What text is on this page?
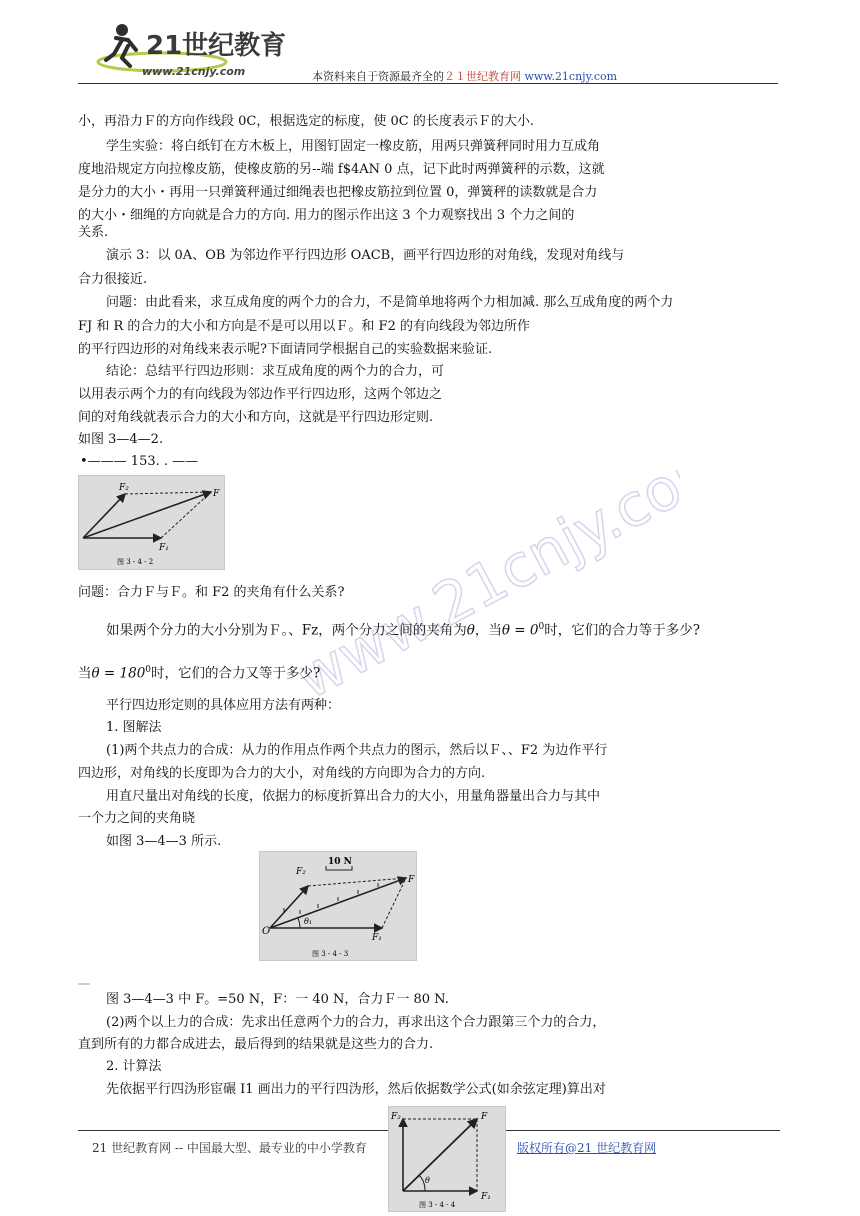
21世纪教育
www.21cnjy.com	本资料来自于资源最齐全的２１世纪教育网 www.21cnjy.com
www.21cnjy.com
小，再沿力Ｆ的方向作线段 0C，根据选定的标度，使 0C 的长度表示Ｆ的大小.
学生实验：将白纸钉在方木板上，用图钉固定一橡皮筋，用两只弹簧秤同时用力互成角
度地沿规定方向拉橡皮筋，使橡皮筋的另--端 f$4AN 0 点，记下此时两弹簧秤的示数，这就
是分力的大小・再用一只弹簧秤通过细绳表也把橡皮筋拉到位置 0，弹簧秤的读数就是合力
的大小・细绳的方向就是合力的方向. 用力的图示作出这 3 个力观察找出 3 个力之间的
关系.
演示 3：以 0A、OB 为邻边作平行四边形 OACB，画平行四边形的对角线，发现对角线与
合力很接近.
问题：由此看来，求互成角度的两个力的合力，不是简单地将两个力相加减. 那么互成角度的两个力
FJ 和 R 的合力的大小和方向是不是可以用以Ｆ。和 F2 的有向线段为邻边所作
的平行四边形的对角线来表示呢?下面请同学根据自己的实验数据来验证.
结论：总结平行四边形则：求互成角度的两个力的合力，可
以用表示两个力的有向线段为邻边作平行四边形，这两个邻边之
间的对角线就表示合力的大小和方向，这就是平行四边形定则.
如图 3—4—2.
•——— 153. . ——
F₂
F
F₁
图 3 - 4 - 2
问题：合力Ｆ与Ｆ。和 F2 的夹角有什么关系?
如果两个分力的大小分别为Ｆ。、Fz，两个分力之间的夹角为θ，当$\theta = 0^0$时，它们的合力等于多少?
当$\theta = 180^0$时，它们的合力又等于多少?
平行四边形定则的具体应用方法有两种：
1. 图解法
(1)两个共点力的合成：从力的作用点作两个共点力的图示，然后以Ｆ、、F2 为边作平行
四边形，对角线的长度即为合力的大小，对角线的方向即为合力的方向.
用直尺量出对角线的长度，依据力的标度折算出合力的大小，用量角器量出合力与其中
一个力之间的夹角晓
如图 3—4—3 所示.
10 N
F₂
F
F₁
O
θ₁
图 3 - 4 - 3
图 3—4—3 中 F。=50 N，F：一 40 N，合力Ｆ一 80 N.
(2)两个以上力的合成：先求出任意两个力的合力，再求出这个合力跟第三个力的合力，
直到所有的力都合成进去，最后得到的结果就是这些力的合力.
2. 计算法
先依据平行四沩形宦碾 I1 画出力的平行四沩形，然后依据数学公式(如余弦定理)算出对
21 世纪教育网 -- 中国最大型、最专业的中小学教育	版权所有@21 世纪教育网
F₂	F
F₁
θ
图 3 - 4 - 4
